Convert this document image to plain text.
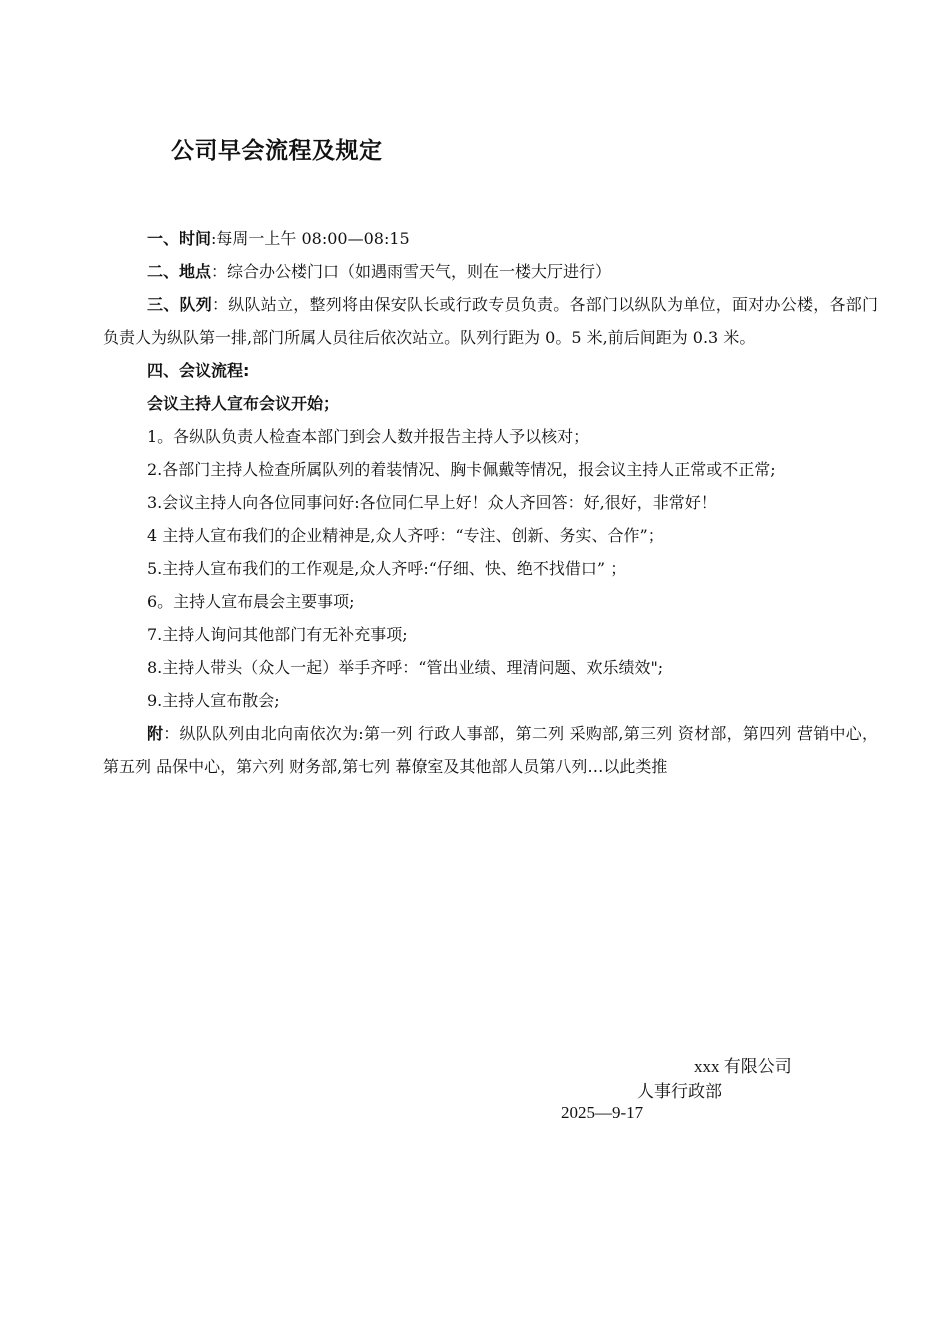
公司早会流程及规定

一、时间:每周一上午 08:00—08:15

二、地点：综合办公楼门口（如遇雨雪天气，则在一楼大厅进行）

三、队列：纵队站立，整列将由保安队长或行政专员负责。各部门以纵队为单位，面对办公楼，各部门负责人为纵队第一排,部门所属人员往后依次站立。队列行距为 0。5 米,前后间距为 0.3 米。

四、会议流程:

会议主持人宣布会议开始；

1。各纵队负责人检查本部门到会人数并报告主持人予以核对；

2.各部门主持人检查所属队列的着装情况、胸卡佩戴等情况，报会议主持人正常或不正常;

3.会议主持人向各位同事问好:各位同仁早上好！众人齐回答：好,很好，非常好！

4 主持人宣布我们的企业精神是,众人齐呼：“专注、创新、务实、合作”；

5.主持人宣布我们的工作观是,众人齐呼:“仔细、快、绝不找借口” ；

6。主持人宣布晨会主要事项;

7.主持人询问其他部门有无补充事项;

8.主持人带头（众人一起）举手齐呼：“管出业绩、理清问题、欢乐绩效";

9.主持人宣布散会;

附：纵队队列由北向南依次为:第一列 行政人事部，第二列 采购部,第三列 资材部，第四列 营销中心，第五列 品保中心，第六列 财务部,第七列 幕僚室及其他部人员第八列…以此类推

xxx 有限公司
人事行政部
2025—9-17
